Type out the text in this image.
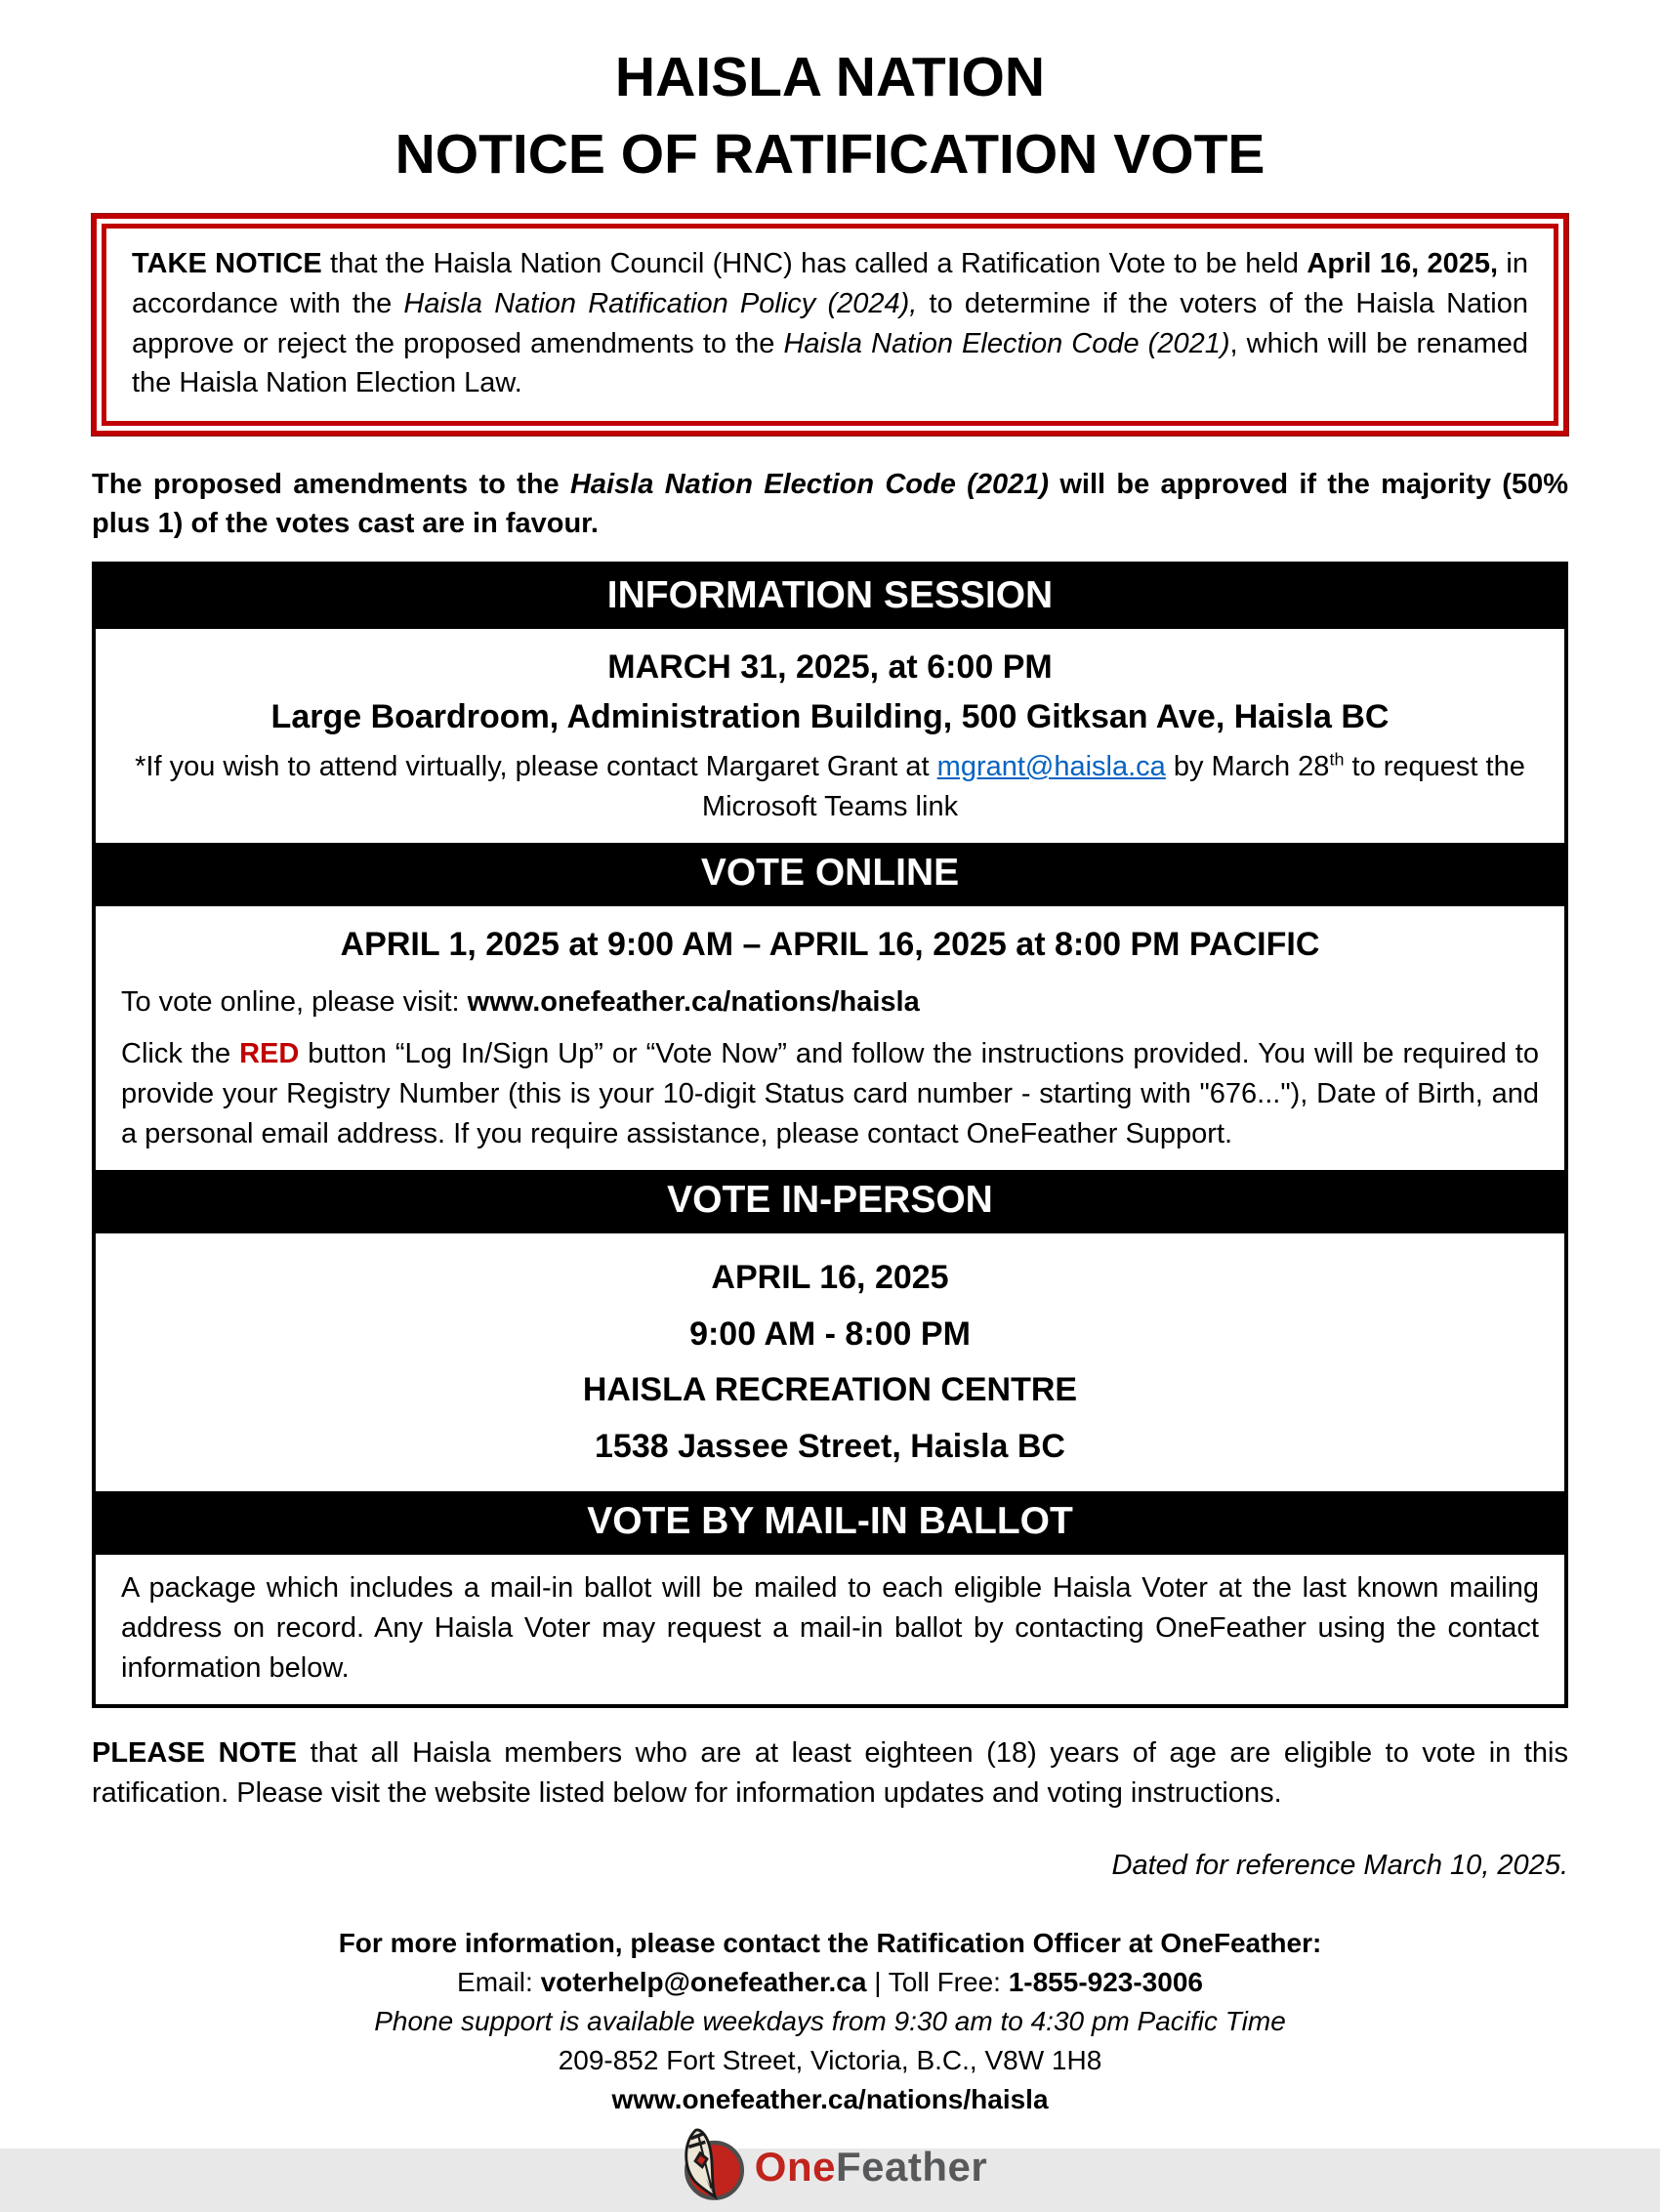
HAISLA NATION
NOTICE OF RATIFICATION VOTE

TAKE NOTICE that the Haisla Nation Council (HNC) has called a Ratification Vote to be held April 16, 2025, in accordance with the Haisla Nation Ratification Policy (2024), to determine if the voters of the Haisla Nation approve or reject the proposed amendments to the Haisla Nation Election Code (2021), which will be renamed the Haisla Nation Election Law.

The proposed amendments to the Haisla Nation Election Code (2021) will be approved if the majority (50% plus 1) of the votes cast are in favour.

INFORMATION SESSION

MARCH 31, 2025, at 6:00 PM

Large Boardroom, Administration Building, 500 Gitksan Ave, Haisla BC

*If you wish to attend virtually, please contact Margaret Grant at mgrant@haisla.ca by March 28th to request the Microsoft Teams link

VOTE ONLINE

APRIL 1, 2025 at 9:00 AM – APRIL 16, 2025 at 8:00 PM PACIFIC

To vote online, please visit: www.onefeather.ca/nations/haisla

Click the RED button “Log In/Sign Up” or “Vote Now” and follow the instructions provided. You will be required to provide your Registry Number (this is your 10-digit Status card number - starting with "676..."), Date of Birth, and a personal email address. If you require assistance, please contact OneFeather Support.

VOTE IN-PERSON

APRIL 16, 2025

9:00 AM - 8:00 PM

HAISLA RECREATION CENTRE

1538 Jassee Street, Haisla BC

VOTE BY MAIL-IN BALLOT

A package which includes a mail-in ballot will be mailed to each eligible Haisla Voter at the last known mailing address on record. Any Haisla Voter may request a mail-in ballot by contacting OneFeather using the contact information below.

PLEASE NOTE that all Haisla members who are at least eighteen (18) years of age are eligible to vote in this ratification. Please visit the website listed below for information updates and voting instructions.

Dated for reference March 10, 2025.

For more information, please contact the Ratification Officer at OneFeather:

Email: voterhelp@onefeather.ca | Toll Free: 1-855-923-3006

Phone support is available weekdays from 9:30 am to 4:30 pm Pacific Time

209-852 Fort Street, Victoria, B.C., V8W 1H8

www.onefeather.ca/nations/haisla

OneFeather
